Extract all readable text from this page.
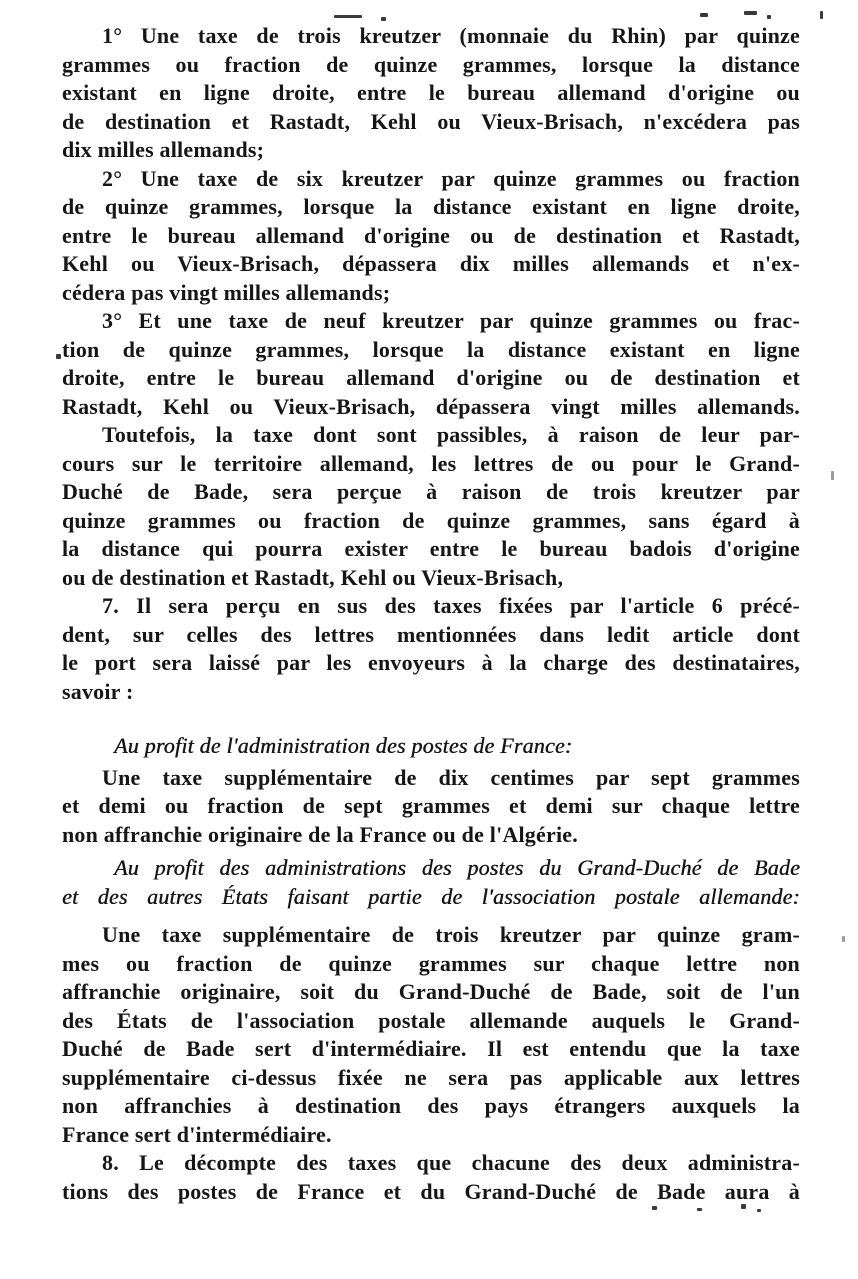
1° Une taxe de trois kreutzer (monnaie du Rhin) par quinze
grammes ou fraction de quinze grammes, lorsque la distance
existant en ligne droite, entre le bureau allemand d'origine ou
de destination et Rastadt, Kehl ou Vieux-Brisach, n'excédera pas
dix milles allemands;
2° Une taxe de six kreutzer par quinze grammes ou fraction
de quinze grammes, lorsque la distance existant en ligne droite,
entre le bureau allemand d'origine ou de destination et Rastadt,
Kehl ou Vieux-Brisach, dépassera dix milles allemands et n'ex-
cédera pas vingt milles allemands;
3° Et une taxe de neuf kreutzer par quinze grammes ou frac-
tion de quinze grammes, lorsque la distance existant en ligne
droite, entre le bureau allemand d'origine ou de destination et
Rastadt, Kehl ou Vieux-Brisach, dépassera vingt milles allemands.
Toutefois, la taxe dont sont passibles, à raison de leur par-
cours sur le territoire allemand, les lettres de ou pour le Grand-
Duché de Bade, sera perçue à raison de trois kreutzer par
quinze grammes ou fraction de quinze grammes, sans égard à
la distance qui pourra exister entre le bureau badois d'origine
ou de destination et Rastadt, Kehl ou Vieux-Brisach,
7. Il sera perçu en sus des taxes fixées par l'article 6 précé-
dent, sur celles des lettres mentionnées dans ledit article dont
le port sera laissé par les envoyeurs à la charge des destinataires,
savoir :
Au profit de l'administration des postes de France:
Une taxe supplémentaire de dix centimes par sept grammes
et demi ou fraction de sept grammes et demi sur chaque lettre
non affranchie originaire de la France ou de l'Algérie.
Au profit des administrations des postes du Grand-Duché de Bade
et des autres États faisant partie de l'association postale allemande:
Une taxe supplémentaire de trois kreutzer par quinze gram-
mes ou fraction de quinze grammes sur chaque lettre non
affranchie originaire, soit du Grand-Duché de Bade, soit de l'un
des États de l'association postale allemande auquels le Grand-
Duché de Bade sert d'intermédiaire. Il est entendu que la taxe
supplémentaire ci-dessus fixée ne sera pas applicable aux lettres
non affranchies à destination des pays étrangers auxquels la
France sert d'intermédiaire.
8. Le décompte des taxes que chacune des deux administra-
tions des postes de France et du Grand-Duché de Bade aura à
